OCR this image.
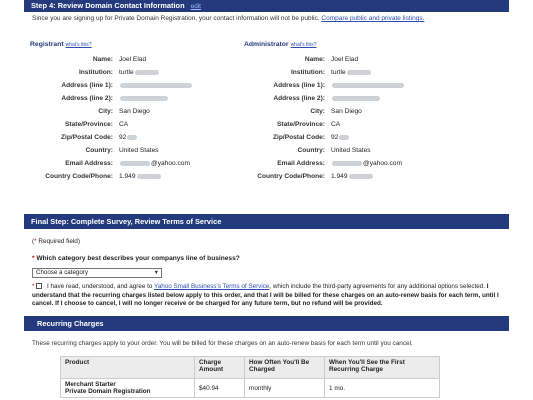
Step 4: Review Domain Contact Information edit
Since you are signing up for Private Domain Registration, your contact information will not be public. Compare public and private listings.
Registrant what's this?
Name: Joel Elad
Institution: turtle
Address (line 1):
Address (line 2):
City: San Diego
State/Province: CA
Zip/Postal Code: 92
Country: United States
Email Address:	@yahoo.com
Country Code/Phone: 1.949
Administrator what's this?
Name: Joel Elad
Institution: turtle
Address (line 1):
Address (line 2):
City: San Diego
State/Province: CA
Zip/Postal Code: 92
Country: United States
Email Address:	@yahoo.com
Country Code/Phone: 1.949
Final Step: Complete Survey, Review Terms of Service
(* Required field)
* Which category best describes your companys line of business?
Choose a category	▼
*  I have read, understood, and agree to Yahoo Small Business's Terms of Service, which include the third-party agreements for any additional options selected. I understand that the recurring charges listed below apply to this order, and that I will be billed for these charges on an auto-renew basis for each term, until I cancel. If I choose to cancel, I will no longer receive or be charged for any future term, but no refund will be provided.
Recurring Charges
These recurring charges apply to your order. You will be billed for these charges on an auto-renew basis for each term until you cancel.
Product	Charge Amount	How Often You'll Be Charged	When You'll See the First Recurring Charge

Merchant Starter
Private Domain Registration	$40.94	monthly	1 mo.
